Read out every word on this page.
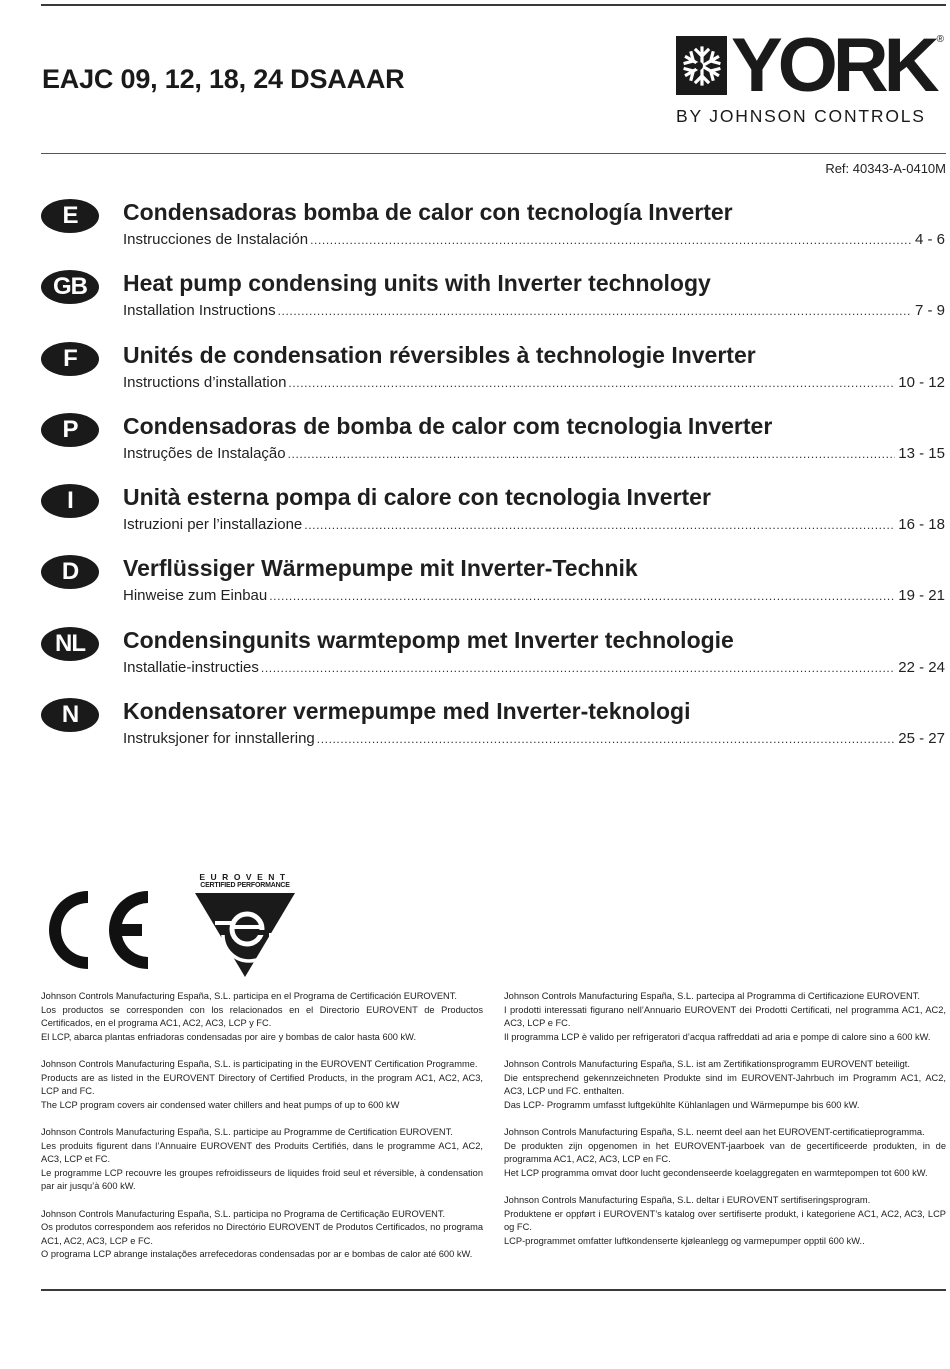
EAJC 09, 12, 18, 24 DSAAAR	YORK ®
BY JOHNSON CONTROLS
Ref: 40343-A-0410M
E	Condensadoras bomba de calor con tecnología Inverter
Instrucciones de Instalación .....	4 - 6
GB	Heat pump condensing units with Inverter technology
Installation Instructions .....	7 - 9
F	Unités de condensation réversibles à technologie Inverter
Instructions d’installation .....	10 - 12
P	Condensadoras de bomba de calor com tecnologia Inverter
Instruções de Instalação .....	13 - 15
I	Unità esterna pompa di calore con tecnologia Inverter
Istruzioni per l’installazione .....	16 - 18
D	Verflüssiger Wärmepumpe mit Inverter-Technik
Hinweise zum Einbau .....	19 - 21
NL	Condensingunits warmtepomp met Inverter technologie
Installatie-instructies .....	22 - 24
N	Kondensatorer vermepumpe med Inverter-teknologi
Instruksjoner for innstallering .....	25 - 27
EUROVENT
CERTIFIED PERFORMANCE

Johnson Controls Manufacturing España, S.L. participa en el Programa de Certificación EUROVENT.
Los productos se corresponden con los relacionados en el Directorio EUROVENT de Productos Certificados, en el programa AC1, AC2, AC3, LCP y FC.
El LCP, abarca plantas enfriadoras condensadas por aire y bombas de calor hasta 600 kW.

Johnson Controls Manufacturing España, S.L. is participating in the EUROVENT Certification Programme.
Products are as listed in the EUROVENT Directory of Certified Products, in the program AC1, AC2, AC3, LCP and FC.
The LCP program covers air condensed water chillers and heat pumps of up to 600 kW

Johnson Controls Manufacturing España, S.L. participe au Programme de Certification EUROVENT.
Les produits figurent dans l’Annuaire EUROVENT des Produits Certifiés, dans le programme AC1, AC2, AC3, LCP et FC.
Le programme LCP recouvre les groupes refroidisseurs de liquides froid seul et réversible, à condensation par air jusqu’à 600 kW.

Johnson Controls Manufacturing España, S.L. participa no Programa de Certificação EUROVENT.
Os produtos correspondem aos referidos no Directório EUROVENT de Produtos Certificados, no programa AC1, AC2, AC3, LCP e FC.
O programa LCP abrange instalações arrefecedoras condensadas por ar e bombas de calor até 600 kW.

Johnson Controls Manufacturing España, S.L. partecipa al Programma di Certificazione EUROVENT.
I prodotti interessati figurano nell’Annuario EUROVENT dei Prodotti Certificati, nel programma AC1, AC2, AC3, LCP e FC.
Il programma LCP è valido per refrigeratori d’acqua raffreddati ad aria e pompe di calore sino a 600 kW.

Johnson Controls Manufacturing España, S.L. ist am Zertifikationsprogramm EUROVENT beteiligt.
Die entsprechend gekennzeichneten Produkte sind im EUROVENT-Jahrbuch im Programm AC1, AC2, AC3, LCP und FC. enthalten.
Das LCP- Programm umfasst luftgekühlte Kühlanlagen und Wärmepumpe bis 600 kW.

Johnson Controls Manufacturing España, S.L. neemt deel aan het EUROVENT-certificatieprogramma.
De produkten zijn opgenomen in het EUROVENT-jaarboek van de gecertificeerde produkten, in de programma AC1, AC2, AC3, LCP en FC.
Het LCP programma omvat door lucht gecondenseerde koelaggregaten en warmtepompen tot 600 kW.

Johnson Controls Manufacturing España, S.L. deltar i EUROVENT sertifiseringsprogram.
Produktene er oppført i EUROVENT’s katalog over sertifiserte produkt, i kategoriene AC1, AC2, AC3, LCP og FC.
LCP-programmet omfatter luftkondenserte kjøleanlegg og varmepumper opptil 600 kW..
